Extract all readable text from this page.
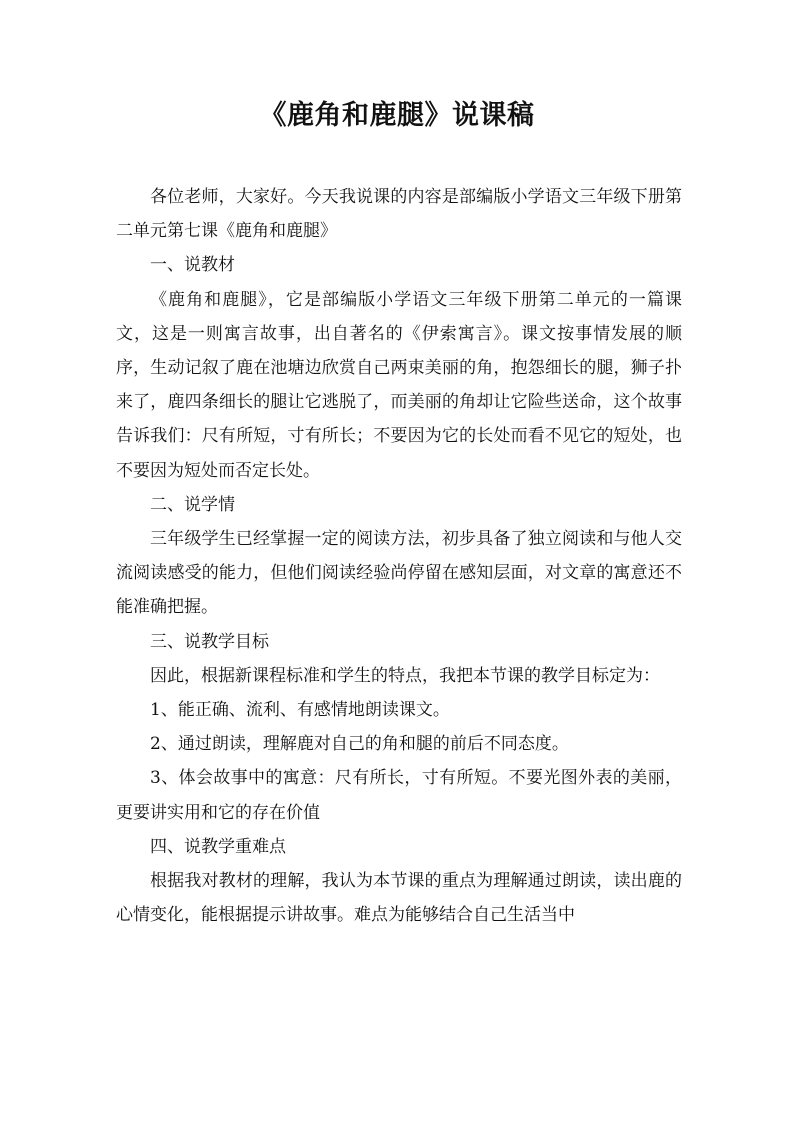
《鹿角和鹿腿》说课稿

各位老师，大家好。今天我说课的内容是部编版小学语文三年级下册第二单元第七课《鹿角和鹿腿》

一、说教材

《鹿角和鹿腿》，它是部编版小学语文三年级下册第二单元的一篇课文，这是一则寓言故事，出自著名的《伊索寓言》。课文按事情发展的顺序，生动记叙了鹿在池塘边欣赏自己两束美丽的角，抱怨细长的腿，狮子扑来了，鹿四条细长的腿让它逃脱了，而美丽的角却让它险些送命，这个故事告诉我们：尺有所短，寸有所长；不要因为它的长处而看不见它的短处，也不要因为短处而否定长处。

二、说学情

三年级学生已经掌握一定的阅读方法，初步具备了独立阅读和与他人交流阅读感受的能力，但他们阅读经验尚停留在感知层面，对文章的寓意还不能准确把握。

三、说教学目标

因此，根据新课程标准和学生的特点，我把本节课的教学目标定为：

1、能正确、流利、有感情地朗读课文。

2、通过朗读，理解鹿对自己的角和腿的前后不同态度。

3、体会故事中的寓意：尺有所长，寸有所短。不要光图外表的美丽，更要讲实用和它的存在价值

四、说教学重难点

根据我对教材的理解，我认为本节课的重点为理解通过朗读，读出鹿的心情变化，能根据提示讲故事。难点为能够结合自己生活当中
